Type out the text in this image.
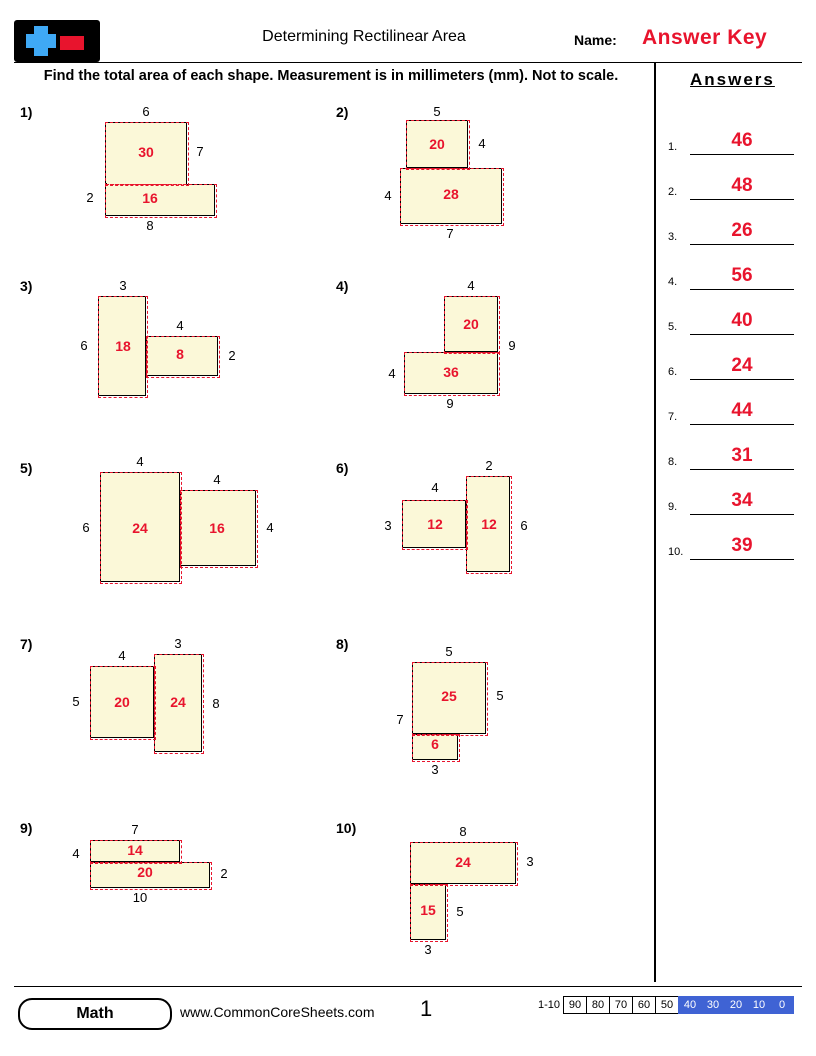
Determining Rectilinear Area	Name: Answer Key
Find the total area of each shape. Measurement is in millimeters (mm). Not to scale.	Answers
1.	46
2.	48
3.	26
4.	56
5.	40
6.	24
7.	44
8.	31
9.	34
10.	39
1)	6
7
2
8
30
16
2)	5
4
4
7
20
28
3)	3
6
4
2
18	8
4)	4
9
4
9
20
36
5)	4
4
6	4
24	16
6)	2
4
3	6
12	12
7)
4
3
5	8
20	24
8)	5
5
7
3
25
6
9)	7
4
2
10
14
20
10)	8
3
5
3
24
15
Math	www.CommonCoreSheets.com 1	1-10 90 80 70 60 50 40 30 20 10	0
